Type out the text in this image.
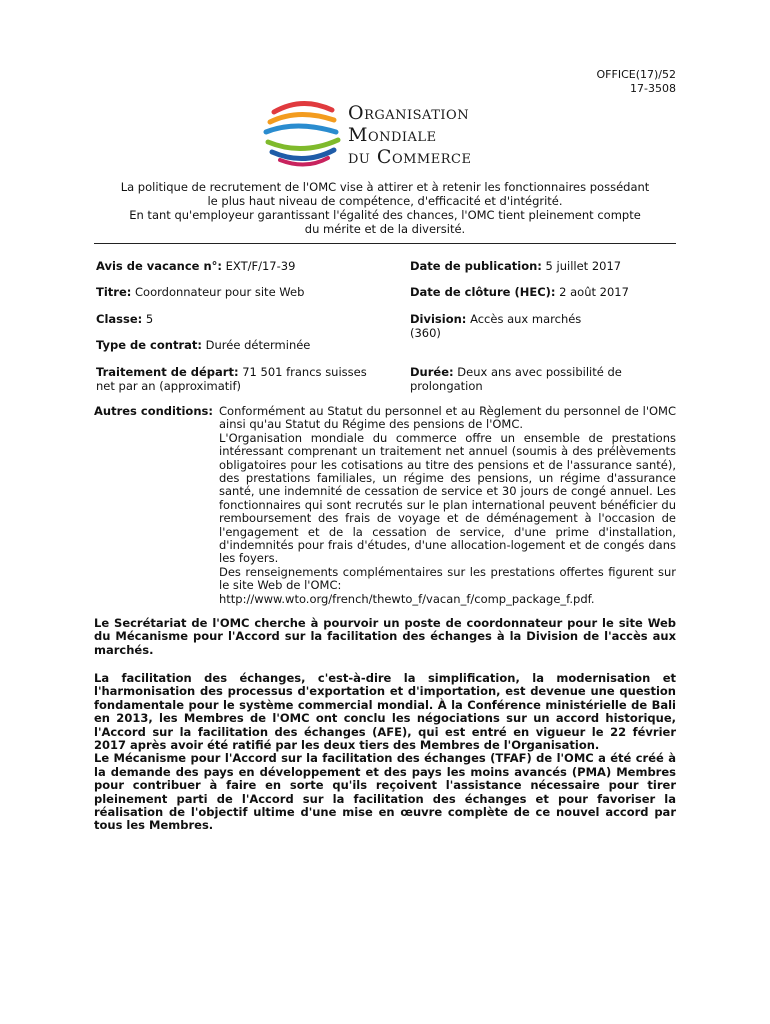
OFFICE(17)/52
17-3508
Organisation
Mondiale
du Commerce
La politique de recrutement de l'OMC vise à attirer et à retenir les fonctionnaires possédant
le plus haut niveau de compétence, d'efficacité et d'intégrité.
En tant qu'employeur garantissant l'égalité des chances, l'OMC tient pleinement compte
du mérite et de la diversité.
Avis de vacance n°: EXT/F/17-39	Date de publication: 5 juillet 2017
Titre: Coordonnateur pour site Web	Date de clôture (HEC): 2 août 2017
Classe: 5	Division: Accès aux marchés (360)
Type de contrat: Durée déterminée
Traitement de départ: 71 501 francs suisses net par an (approximatif)
Durée: Deux ans avec possibilité de prolongation
Autres conditions: Conformément au Statut du personnel et au Règlement du personnel de l'OMC ainsi qu'au Statut du Régime des pensions de l'OMC.

L'Organisation mondiale du commerce offre un ensemble de prestations intéressant comprenant un traitement net annuel (soumis à des prélèvements obligatoires pour les cotisations au titre des pensions et de l'assurance santé), des prestations familiales, un régime des pensions, un régime d'assurance santé, une indemnité de cessation de service et 30 jours de congé annuel. Les fonctionnaires qui sont recrutés sur le plan international peuvent bénéficier du remboursement des frais de voyage et de déménagement à l'occasion de l'engagement et de la cessation de service, d'une prime d'installation, d'indemnités pour frais d'études, d'une allocation-logement et de congés dans les foyers.

Des renseignements complémentaires sur les prestations offertes figurent sur le site Web de l'OMC:

http://www.wto.org/french/thewto_f/vacan_f/comp_package_f.pdf.

Le Secrétariat de l'OMC cherche à pourvoir un poste de coordonnateur pour le site Web du Mécanisme pour l'Accord sur la facilitation des échanges à la Division de l'accès aux marchés.

La facilitation des échanges, c'est-à-dire la simplification, la modernisation et l'harmonisation des processus d'exportation et d'importation, est devenue une question fondamentale pour le système commercial mondial. À la Conférence ministérielle de Bali en 2013, les Membres de l'OMC ont conclu les négociations sur un accord historique, l'Accord sur la facilitation des échanges (AFE), qui est entré en vigueur le 22 février 2017 après avoir été ratifié par les deux tiers des Membres de l'Organisation.

Le Mécanisme pour l'Accord sur la facilitation des échanges (TFAF) de l'OMC a été créé à la demande des pays en développement et des pays les moins avancés (PMA) Membres pour contribuer à faire en sorte qu'ils reçoivent l'assistance nécessaire pour tirer pleinement parti de l'Accord sur la facilitation des échanges et pour favoriser la réalisation de l'objectif ultime d'une mise en œuvre complète de ce nouvel accord par tous les Membres.
